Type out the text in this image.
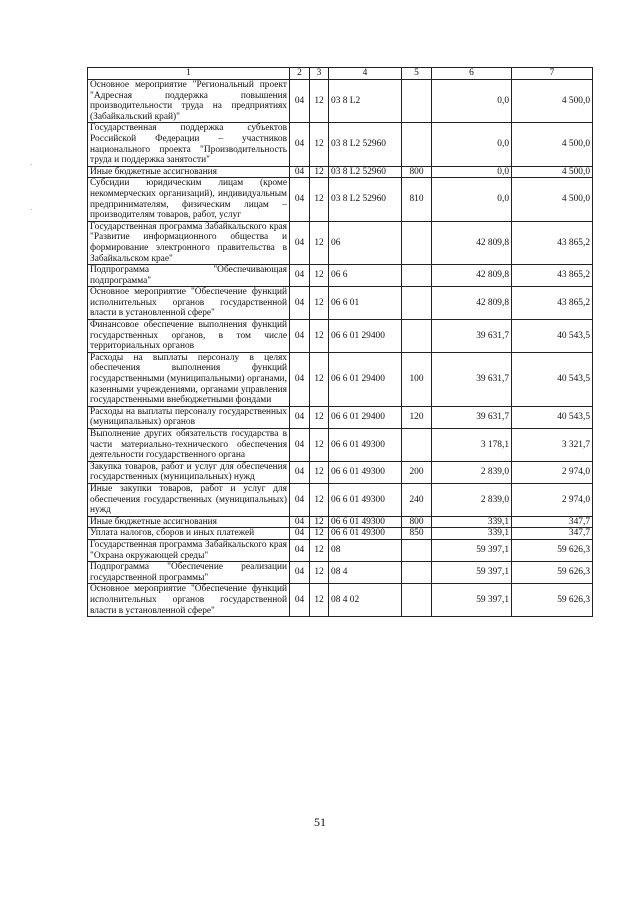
·
·
1	2	3	4	5	6	7
Основное мероприятие "Региональный проект "Адресная поддержка повышения производительности труда на предприятиях (Забайкальский край)"	04	12	03 8 L2		0,0	4 500,0
Государственная поддержка субъектов Российской Федерации – участников национального проекта "Производительность труда и поддержка занятости"	04	12	03 8 L2 52960		0,0	4 500,0
Иные бюджетные ассигнования	04	12	03 8 L2 52960	800	0,0	4 500,0
Субсидии юридическим лицам (кроме некоммерческих организаций), индивидуальным предпринимателям, физическим лицам – производителям товаров, работ, услуг	04	12	03 8 L2 52960	810	0,0	4 500,0
Государственная программа Забайкальского края "Развитие информационного общества и формирование электронного правительства в Забайкальском крае"	04	12	06		42 809,8	43 865,2
Подпрограмма "Обеспечивающая подпрограмма"	04	12	06 6		42 809,8	43 865,2
Основное мероприятие "Обеспечение функций исполнительных органов государственной власти в установленной сфере"	04	12	06 6 01		42 809,8	43 865,2
Финансовое обеспечение выполнения функций государственных органов, в том числе территориальных органов	04	12	06 6 01 29400		39 631,7	40 543,5
Расходы на выплаты персоналу в целях обеспечения выполнения функций государственными (муниципальными) органами, казенными учреждениями, органами управления государственными внебюджетными фондами	04	12	06 6 01 29400	100	39 631,7	40 543,5
Расходы на выплаты персоналу государственных (муниципальных) органов	04	12	06 6 01 29400	120	39 631,7	40 543,5
Выполнение других обязательств государства в части материально-технического обеспечения деятельности государственного органа	04	12	06 6 01 49300		3 178,1	3 321,7
Закупка товаров, работ и услуг для обеспечения государственных (муниципальных) нужд	04	12	06 6 01 49300	200	2 839,0	2 974,0
Иные закупки товаров, работ и услуг для обеспечения государственных (муниципальных) нужд	04	12	06 6 01 49300	240	2 839,0	2 974,0
Иные бюджетные ассигнования	04	12	06 6 01 49300	800	339,1	347,7
Уплата налогов, сборов и иных платежей	04	12	06 6 01 49300	850	339,1	347,7
Государственная программа Забайкальского края "Охрана окружающей среды"	04	12	08		59 397,1	59 626,3
Подпрограмма "Обеспечение реализации государственной программы"	04	12	08 4		59 397,1	59 626,3
Основное мероприятие "Обеспечение функций исполнительных органов государственной власти в установленной сфере"	04	12	08 4 02		59 397,1	59 626,3
51
